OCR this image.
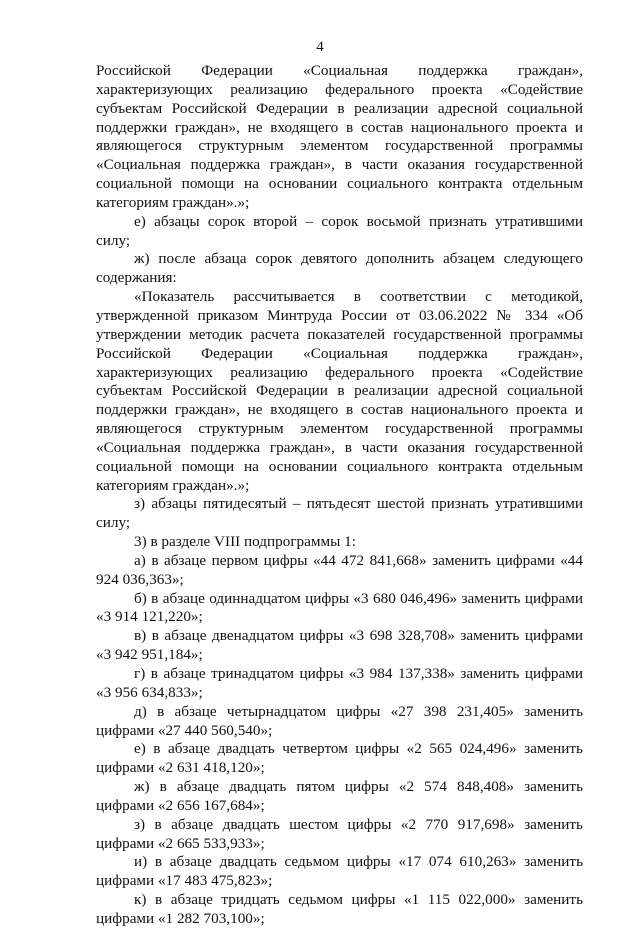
4

Российской Федерации «Социальная поддержка граждан», характеризующих реализацию федерального проекта «Содействие субъектам Российской Федерации в реализации адресной социальной поддержки граждан», не входящего в состав национального проекта и являющегося структурным элементом государственной программы «Социальная поддержка граждан», в части оказания государственной социальной помощи на основании социального контракта отдельным категориям граждан».»;

е) абзацы сорок второй – сорок восьмой признать утратившими силу;

ж) после абзаца сорок девятого дополнить абзацем следующего содержания:

«Показатель рассчитывается в соответствии с методикой, утвержденной приказом Минтруда России от 03.06.2022 № 334 «Об утверждении методик расчета показателей государственной программы Российской Федерации «Социальная поддержка граждан», характеризующих реализацию федерального проекта «Содействие субъектам Российской Федерации в реализации адресной социальной поддержки граждан», не входящего в состав национального проекта и являющегося структурным элементом государственной программы «Социальная поддержка граждан», в части оказания государственной социальной помощи на основании социального контракта отдельным категориям граждан».»;

з) абзацы пятидесятый – пятьдесят шестой признать утратившими силу;

3) в разделе VIII подпрограммы 1:

а) в абзаце первом цифры «44 472 841,668» заменить цифрами «44 924 036,363»;

б) в абзаце одиннадцатом цифры «3 680 046,496» заменить цифрами «3 914 121,220»;

в) в абзаце двенадцатом цифры «3 698 328,708» заменить цифрами «3 942 951,184»;

г) в абзаце тринадцатом цифры «3 984 137,338» заменить цифрами «3 956 634,833»;

д) в абзаце четырнадцатом цифры «27 398 231,405» заменить цифрами «27 440 560,540»;

е) в абзаце двадцать четвертом цифры «2 565 024,496» заменить цифрами «2 631 418,120»;

ж) в абзаце двадцать пятом цифры «2 574 848,408» заменить цифрами «2 656 167,684»;

з) в абзаце двадцать шестом цифры «2 770 917,698» заменить цифрами «2 665 533,933»;

и) в абзаце двадцать седьмом цифры «17 074 610,263» заменить цифрами «17 483 475,823»;

к) в абзаце тридцать седьмом цифры «1 115 022,000» заменить цифрами «1 282 703,100»;
